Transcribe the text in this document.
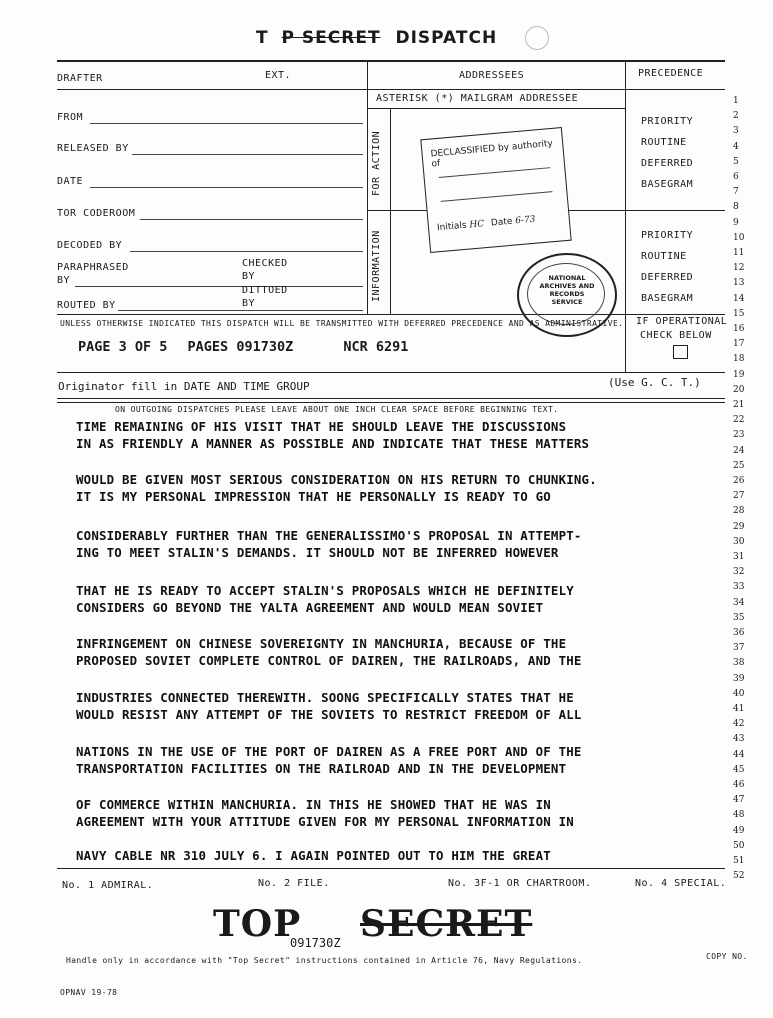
T P SECRET DISPATCH
DRAFTER	EXT.	ADDRESSEES	PRECEDENCE
ASTERISK (*) MAILGRAM ADDRESSEE
FROM
RELEASED BY
DATE
TOR CODEROOM
DECODED BY
PARAPHRASED
BY
CHECKED
BY
DITTOED
BY
ROUTED BY
FOR ACTION
INFORMATION
PRIORITY
ROUTINE
DEFERRED
BASEGRAM
PRIORITY
ROUTINE
DEFERRED
BASEGRAM
DECLASSIFIED by authority of
Initials HC Date 6-73
NATIONAL
ARCHIVES AND
RECORDS
SERVICE
UNLESS OTHERWISE INDICATED THIS DISPATCH WILL BE TRANSMITTED WITH DEFERRED PRECEDENCE AND AS ADMINISTRATIVE. IF OPERATIONAL
CHECK BELOW
PAGE 3 OF 5 PAGES 091730Z	NCR 6291
Originator fill in DATE AND TIME GROUP	(Use G. C. T.)
ON OUTGOING DISPATCHES PLEASE LEAVE ABOUT ONE INCH CLEAR SPACE BEFORE BEGINNING TEXT.
TIME REMAINING OF HIS VISIT THAT HE SHOULD LEAVE THE DISCUSSIONS
IN AS FRIENDLY A MANNER AS POSSIBLE AND INDICATE THAT THESE MATTERS
WOULD BE GIVEN MOST SERIOUS CONSIDERATION ON HIS RETURN TO CHUNKING.
IT IS MY PERSONAL IMPRESSION THAT HE PERSONALLY IS READY TO GO
CONSIDERABLY FURTHER THAN THE GENERALISSIMO'S PROPOSAL IN ATTEMPT-
ING TO MEET STALIN'S DEMANDS. IT SHOULD NOT BE INFERRED HOWEVER
THAT HE IS READY TO ACCEPT STALIN'S PROPOSALS WHICH HE DEFINITELY
CONSIDERS GO BEYOND THE YALTA AGREEMENT AND WOULD MEAN SOVIET
INFRINGEMENT ON CHINESE SOVEREIGNTY IN MANCHURIA, BECAUSE OF THE
PROPOSED SOVIET COMPLETE CONTROL OF DAIREN, THE RAILROADS, AND THE
INDUSTRIES CONNECTED THEREWITH. SOONG SPECIFICALLY STATES THAT HE
WOULD RESIST ANY ATTEMPT OF THE SOVIETS TO RESTRICT FREEDOM OF ALL
NATIONS IN THE USE OF THE PORT OF DAIREN AS A FREE PORT AND OF THE
TRANSPORTATION FACILITIES ON THE RAILROAD AND IN THE DEVELOPMENT
OF COMMERCE WITHIN MANCHURIA. IN THIS HE SHOWED THAT HE WAS IN
AGREEMENT WITH YOUR ATTITUDE GIVEN FOR MY PERSONAL INFORMATION IN
NAVY CABLE NR 310 JULY 6. I AGAIN POINTED OUT TO HIM THE GREAT
1
2
3
4
5
6
7
8
9
10
11
12
13
14
15
16
17
18
19
20
21
22
23
24
25
26
27
28
29
30
31
32
33
34
35
36
37
38
39
40
41
42
43
44
45
46
47
48
49
50
51
52
No. 1 ADMIRAL.	No. 2 FILE.	No. 3F-1 OR CHARTROOM.	No. 4 SPECIAL.
TOP SECRET
091730Z
Handle only in accordance with "Top Secret" instructions contained in Article 76, Navy Regulations.	COPY NO.
OPNAV 19-78
